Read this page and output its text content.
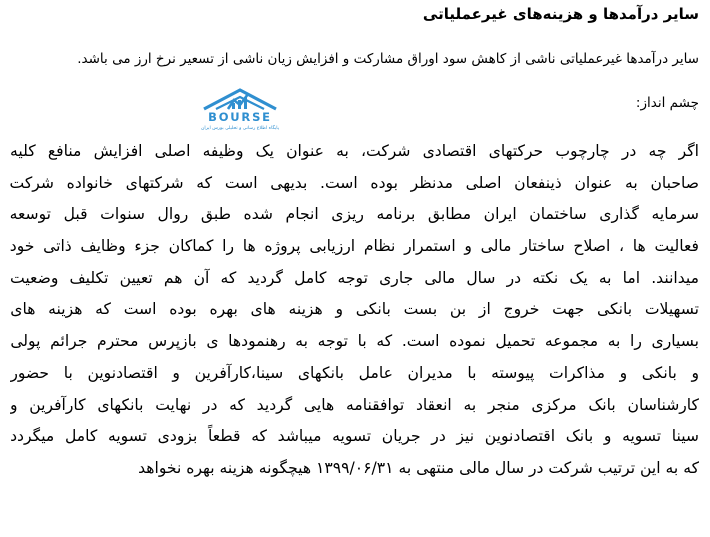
سایر درآمدها و هزینه‌های غیرعملیاتی
سایر درآمدها غیرعملیاتی ناشی از کاهش سود اوراق مشارکت و افزایش زیان ناشی از تسعیر نرخ ارز می باشد.
چشم انداز:
BOURSE
پایگاه اطلاع رسانی و تحلیلی بورس ایران
اگر چه در چارچوب حرکتهای اقتصادی شرکت، به عنوان یک وظیفه اصلی افزایش منافع کلیه
صاحبان به عنوان ذینفعان اصلی مدنظر بوده است. بدیهی است که شرکتهای خانواده شرکت
سرمایه گذاری ساختمان ایران مطابق برنامه ریزی انجام شده طبق روال سنوات قبل توسعه
فعالیت ها ، اصلاح ساختار مالی و استمرار نظام ارزیابی پروژه ها را کماکان جزء وظایف ذاتی خود
میدانند. اما به یک نکته در سال مالی جاری توجه کامل گردید که آن هم تعیین تکلیف وضعیت
تسهیلات بانکی جهت خروج از بن بست بانکی و هزینه های بهره بوده است که هزینه های
بسیاری را به مجموعه تحمیل نموده است. که با توجه به رهنمودها ی بازپرس محترم جرائم پولی
و بانکی و مذاکرات پیوسته با مدیران عامل بانکهای سینا،کارآفرین و اقتصادنوین با حضور
کارشناسان بانک مرکزی منجر به انعقاد توافقنامه هایی گردید که در نهایت بانکهای کارآفرین و
سینا تسویه و بانک اقتصادنوین نیز در جریان تسویه میباشد که قطعاً بزودی تسویه کامل میگردد
که به این ترتیب شرکت در سال مالی منتهی به ۱۳۹۹/۰۶/۳۱ هیچگونه هزینه بهره نخواهد
